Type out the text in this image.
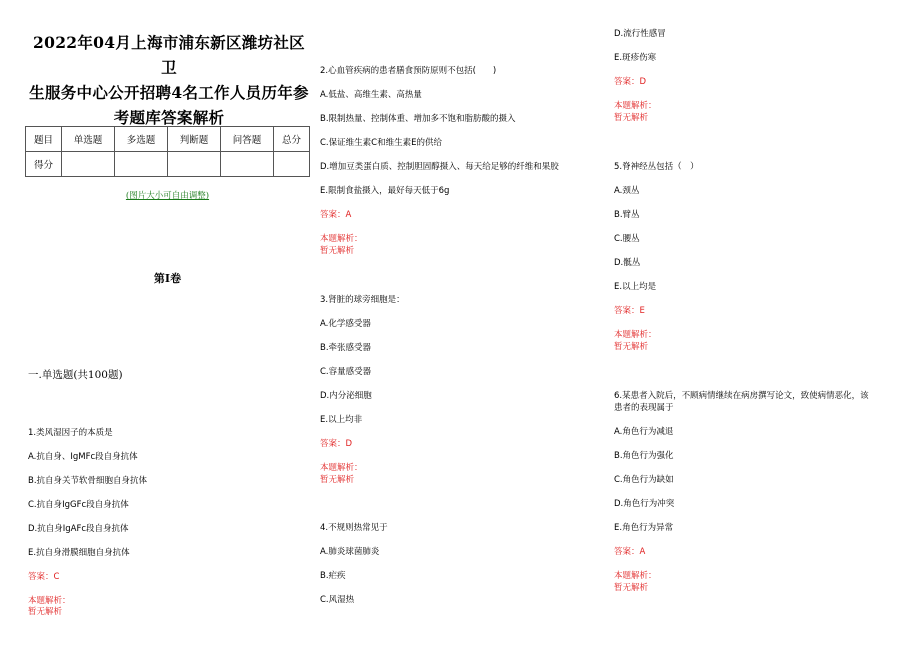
2022年04月上海市浦东新区潍坊社区卫
生服务中心公开招聘4名工作人员历年参
考题库答案解析
题目	单选题	多选题	判断题	问答题	总分
得分					
(图片大小可自由调整)
第I卷
一.单选题(共100题)
1.类风湿因子的本质是
A.抗自身、IgMFc段自身抗体
B.抗自身关节软骨细胞自身抗体
C.抗自身IgGFc段自身抗体
D.抗自身IgAFc段自身抗体
E.抗自身滑膜细胞自身抗体
答案：C
本题解析：
暂无解析
2.心血管疾病的患者膳食预防原则不包括(　　)
A.低盐、高维生素、高热量
B.限制热量、控制体重、增加多不饱和脂肪酸的摄入
C.保证维生素C和维生素E的供给
D.增加豆类蛋白质、控制胆固醇摄入、每天给足够的纤维和果胶
E.限制食盐摄入，最好每天低于6g
答案：A
本题解析：
暂无解析
3.肾脏的球旁细胞是：
A.化学感受器
B.牵张感受器
C.容量感受器
D.内分泌细胞
E.以上均非
答案：D
本题解析：
暂无解析
4.不规则热常见于
A.肺炎球菌肺炎
B.疟疾
C.风湿热
D.流行性感冒
E.斑疹伤寒
答案：D
本题解析：
暂无解析
5.脊神经丛包括（　）
A.颈丛
B.臂丛
C.腰丛
D.骶丛
E.以上均是
答案：E
本题解析：
暂无解析
6.某患者入院后，不顾病情继续在病房撰写论文，致使病情恶化，该
患者的表现属于
A.角色行为减退
B.角色行为强化
C.角色行为缺如
D.角色行为冲突
E.角色行为异常
答案：A
本题解析：
暂无解析
